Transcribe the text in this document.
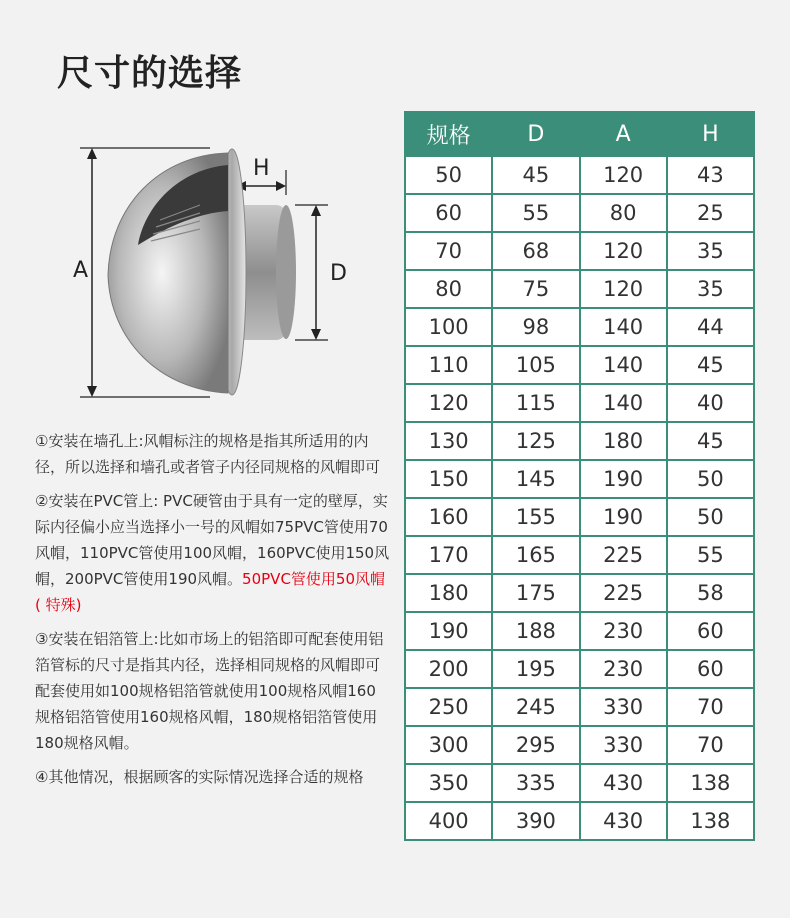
尺寸的选择
A
H
D

①安装在墙孔上:风帽标注的规格是指其所适用的内径，所以选择和墙孔或者管子内径同规格的风帽即可

②安装在PVC管上: PVC硬管由于具有一定的壁厚，实际内径偏小应当选择小一号的风帽如75PVC管使用70风帽，110PVC管使用100风帽，160PVC使用150风帽，200PVC管使用190风帽。50PVC管使用50风帽( 特殊)

③安装在铝箔管上:比如市场上的铝箔即可配套使用铝箔管标的尺寸是指其内径，选择相同规格的风帽即可配套使用如100规格铝箔管就使用100规格风帽160规格铝箔管使用160规格风帽，180规格铝箔管使用180规格风帽。

④其他情况，根据顾客的实际情况选择合适的规格

规格	D	A	H
50	45	120	43
60	55	80	25
70	68	120	35
80	75	120	35
100	98	140	44
110	105	140	45
120	115	140	40
130	125	180	45
150	145	190	50
160	155	190	50
170	165	225	55
180	175	225	58
190	188	230	60
200	195	230	60
250	245	330	70
300	295	330	70
350	335	430	138
400	390	430	138
